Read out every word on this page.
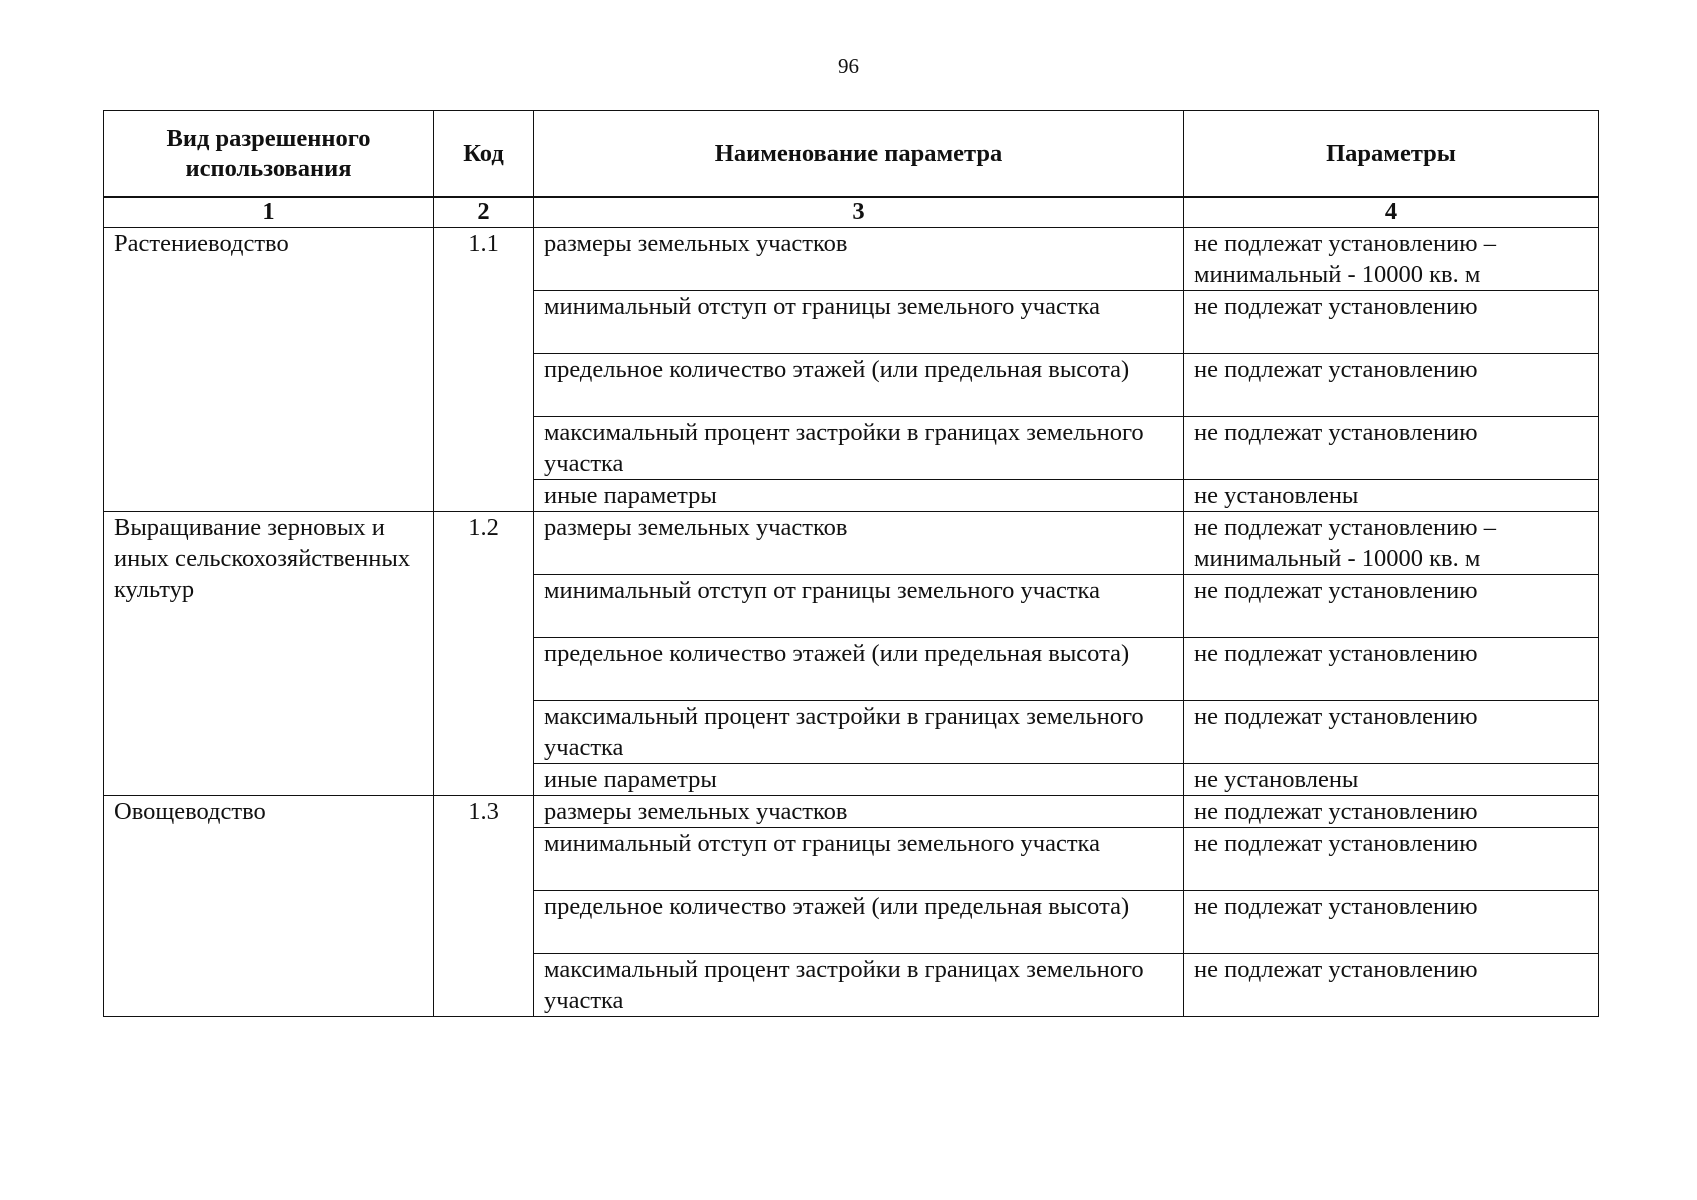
96
Вид разрешенного использования	Код	Наименование параметра	Параметры
1	2	3	4
Растениеводство	1.1	размеры земельных участков	не подлежат установлению – минимальный - 10000 кв. м
		минимальный отступ от границы земельного участка	не подлежат установлению
		предельное количество этажей (или предельная высота)	не подлежат установлению
		максимальный процент застройки в границах земельного участка	не подлежат установлению
		иные параметры	не установлены
Выращивание зерновых и иных сельскохозяйственных культур	1.2	размеры земельных участков	не подлежат установлению – минимальный - 10000 кв. м
		минимальный отступ от границы земельного участка	не подлежат установлению
		предельное количество этажей (или предельная высота)	не подлежат установлению
		максимальный процент застройки в границах земельного участка	не подлежат установлению
		иные параметры	не установлены
Овощеводство	1.3	размеры земельных участков	не подлежат установлению
		минимальный отступ от границы земельного участка	не подлежат установлению
		предельное количество этажей (или предельная высота)	не подлежат установлению
		максимальный процент застройки в границах земельного участка	не подлежат установлению
